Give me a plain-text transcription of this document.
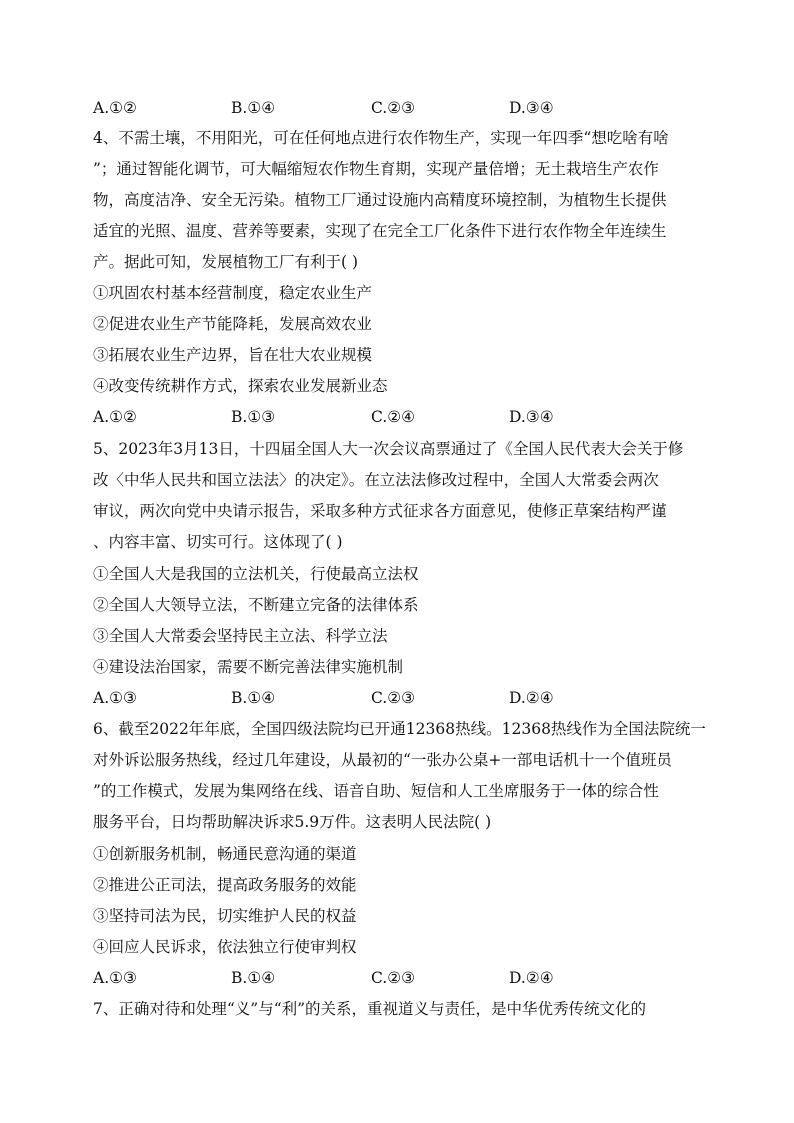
A.①②	B.①④	C.②③	D.③④
4、不需土壤，不用阳光，可在任何地点进行农作物生产，实现一年四季“想吃啥有啥
”；通过智能化调节，可大幅缩短农作物生育期，实现产量倍增；无土栽培生产农作
物，高度洁净、安全无污染。植物工厂通过设施内高精度环境控制，为植物生长提供
适宜的光照、温度、营养等要素，实现了在完全工厂化条件下进行农作物全年连续生
产。据此可知，发展植物工厂有利于( )
①巩固农村基本经营制度，稳定农业生产
②促进农业生产节能降耗，发展高效农业
③拓展农业生产边界，旨在壮大农业规模
④改变传统耕作方式，探索农业发展新业态
A.①②	B.①③	C.②④	D.③④
5、2023年3月13日，十四届全国人大一次会议高票通过了《全国人民代表大会关于修
改〈中华人民共和国立法法〉的决定》。在立法法修改过程中，全国人大常委会两次
审议，两次向党中央请示报告，采取多种方式征求各方面意见，使修正草案结构严谨
、内容丰富、切实可行。这体现了( )
①全国人大是我国的立法机关，行使最高立法权
②全国人大领导立法，不断建立完备的法律体系
③全国人大常委会坚持民主立法、科学立法
④建设法治国家，需要不断完善法律实施机制
A.①③	B.①④	C.②③	D.②④
6、截至2022年年底，全国四级法院均已开通12368热线。12368热线作为全国法院统一
对外诉讼服务热线，经过几年建设，从最初的“一张办公桌+一部电话机十一个值班员
”的工作模式，发展为集网络在线、语音自助、短信和人工坐席服务于一体的综合性
服务平台，日均帮助解决诉求5.9万件。这表明人民法院( )
①创新服务机制，畅通民意沟通的渠道
②推进公正司法，提高政务服务的效能
③坚持司法为民，切实维护人民的权益
④回应人民诉求，依法独立行使审判权
A.①③	B.①④	C.②③	D.②④
7、正确对待和处理“义”与“利”的关系，重视道义与责任，是中华优秀传统文化的
